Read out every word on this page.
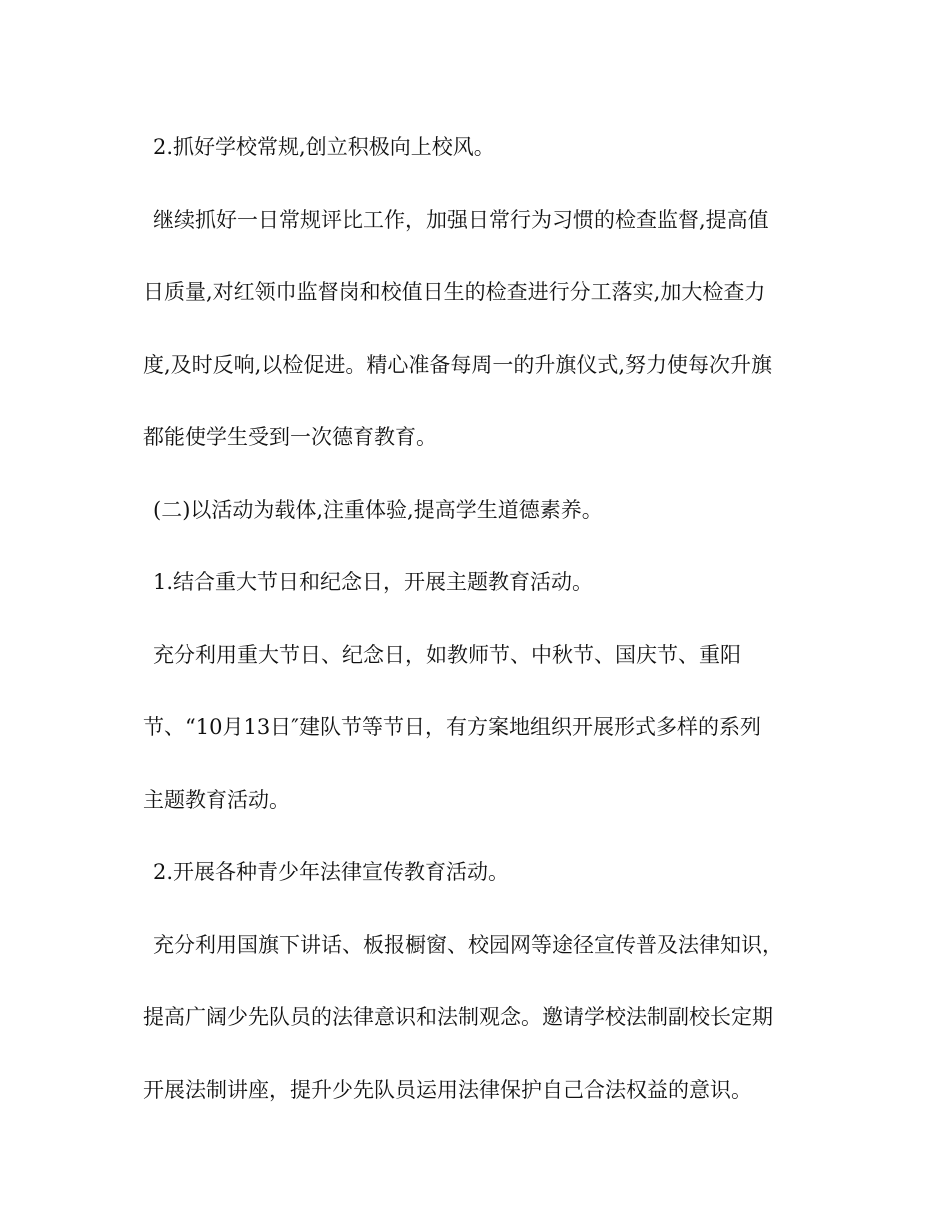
2.抓好学校常规,创立积极向上校风。
继续抓好一日常规评比工作，加强日常行为习惯的检查监督,提高值
日质量,对红领巾监督岗和校值日生的检查进行分工落实,加大检查力
度,及时反响,以检促进。精心准备每周一的升旗仪式,努力使每次升旗
都能使学生受到一次德育教育。
(二)以活动为载体,注重体验,提高学生道德素养。
1.结合重大节日和纪念日，开展主题教育活动。
充分利用重大节日、纪念日，如教师节、中秋节、国庆节、重阳
节、“10月13日″建队节等节日，有方案地组织开展形式多样的系列
主题教育活动。
2.开展各种青少年法律宣传教育活动。
充分利用国旗下讲话、板报橱窗、校园网等途径宣传普及法律知识，
提高广阔少先队员的法律意识和法制观念。邀请学校法制副校长定期
开展法制讲座，提升少先队员运用法律保护自己合法权益的意识。
